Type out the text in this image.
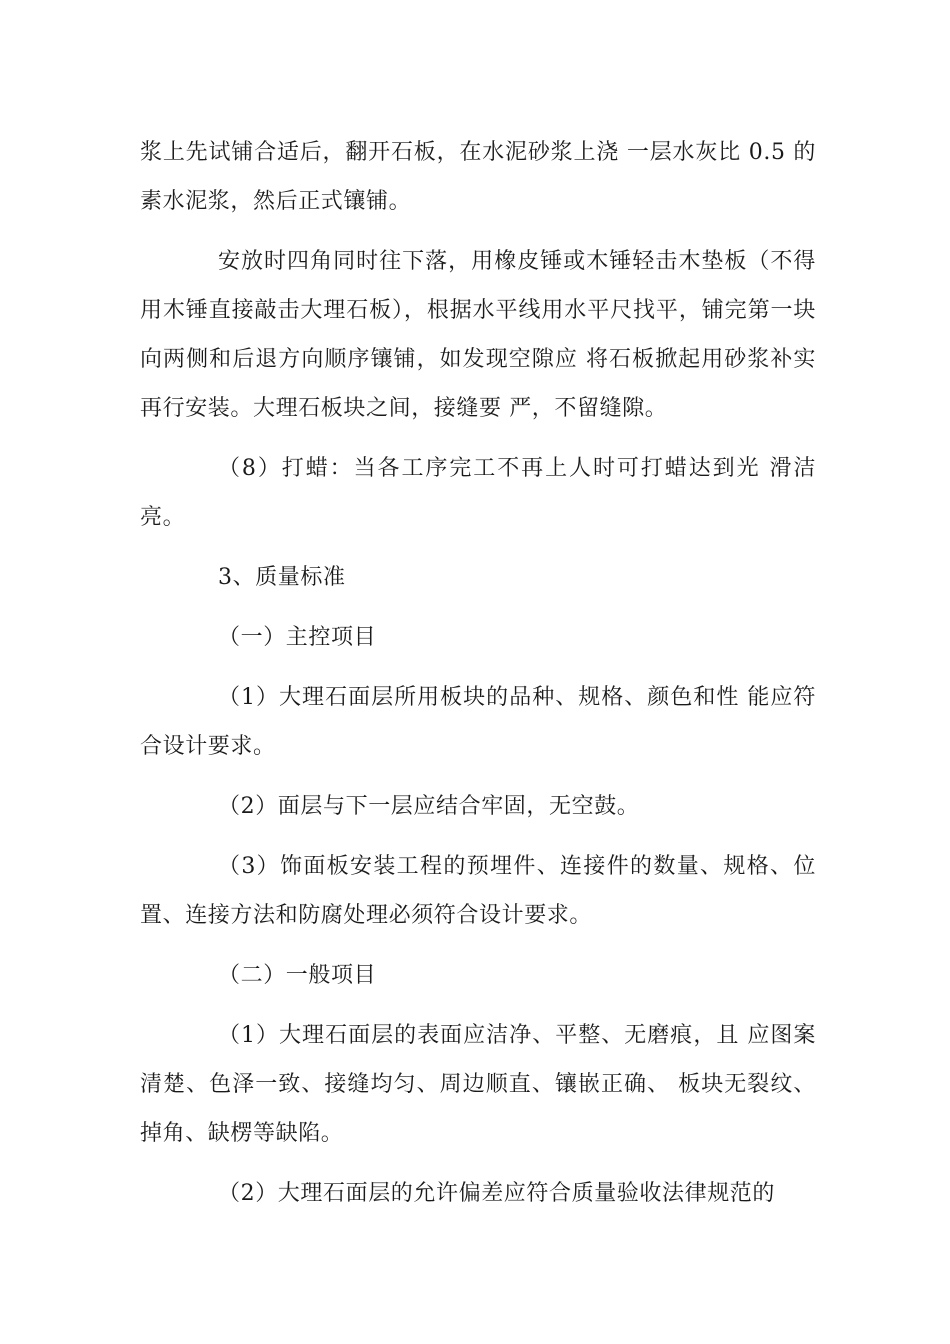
浆上先试铺合适后，翻开石板，在水泥砂浆上浇 一层水灰比 0.5 的素水泥浆，然后正式镶铺。

安放时四角同时往下落，用橡皮锤或木锤轻击木垫板（不得用木锤直接敲击大理石板），根据水平线用水平尺找平，铺完第一块向两侧和后退方向顺序镶铺，如发现空隙应 将石板掀起用砂浆补实再行安装。大理石板块之间，接缝要 严，不留缝隙。

（8）打蜡：当各工序完工不再上人时可打蜡达到光 滑洁亮。

3、质量标准

（一）主控项目

（1）大理石面层所用板块的品种、规格、颜色和性 能应符合设计要求。

（2）面层与下一层应结合牢固，无空鼓。

（3）饰面板安装工程的预埋件、连接件的数量、规格、位置、连接方法和防腐处理必须符合设计要求。

（二）一般项目

（1）大理石面层的表面应洁净、平整、无磨痕，且 应图案清楚、色泽一致、接缝均匀、周边顺直、镶嵌正确、 板块无裂纹、掉角、缺楞等缺陷。

（2）大理石面层的允许偏差应符合质量验收法律规范的
